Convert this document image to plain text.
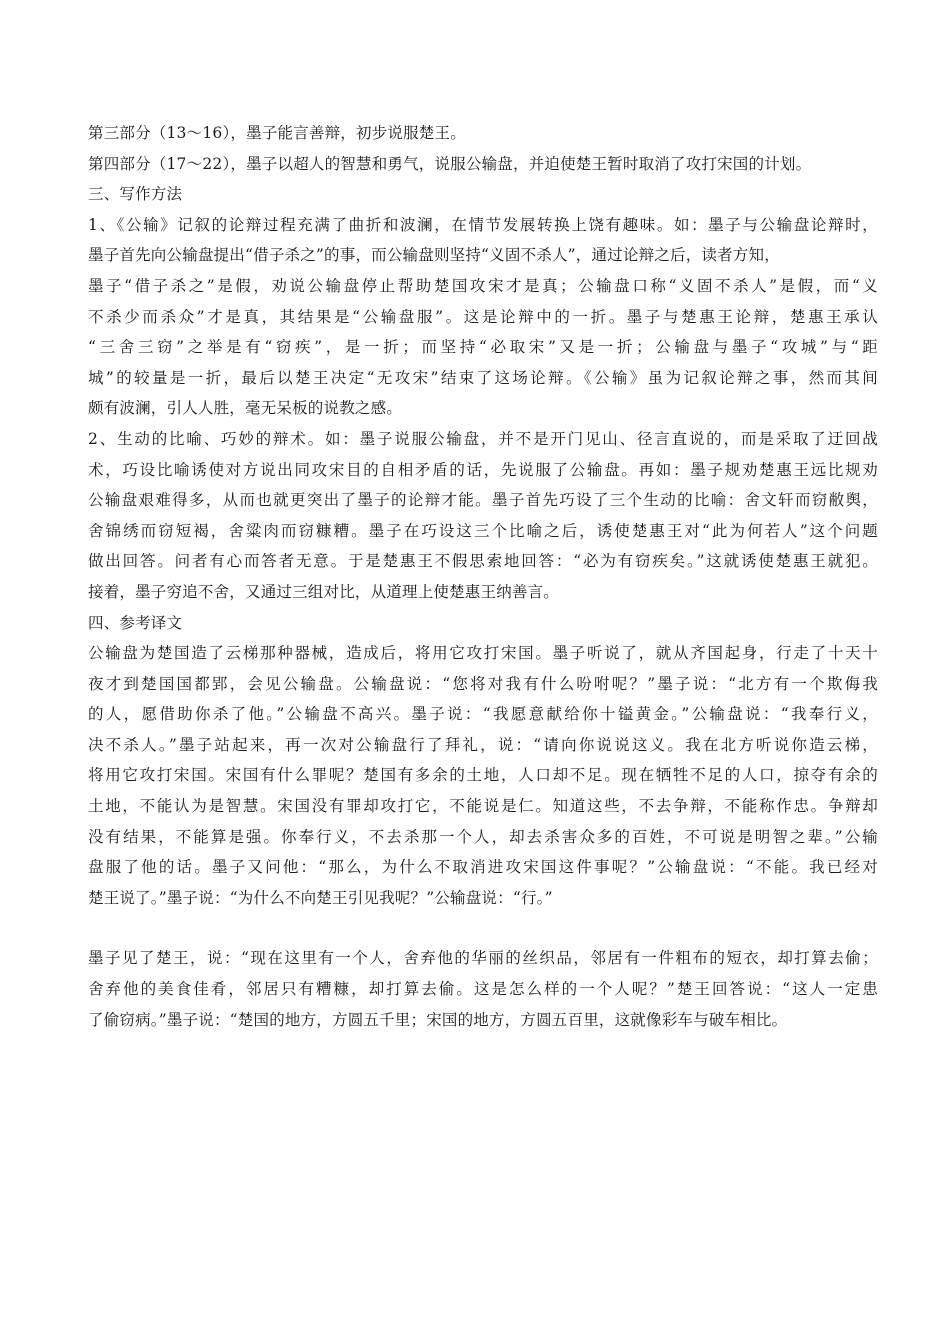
第三部分（13～16），墨子能言善辩，初步说服楚王。
第四部分（17～22），墨子以超人的智慧和勇气，说服公输盘，并迫使楚王暂时取消了攻打宋国的计划。
三、写作方法
1、《公输》记叙的论辩过程充满了曲折和波澜，在情节发展转换上饶有趣味。如：墨子与公输盘论辩时，
墨子首先向公输盘提出“借子杀之”的事，而公输盘则坚持“义固不杀人”，通过论辩之后，读者方知，
墨子“借子杀之”是假，劝说公输盘停止帮助楚国攻宋才是真；公输盘口称“义固不杀人”是假，而“义
不杀少而杀众”才是真，其结果是“公输盘服”。这是论辩中的一折。墨子与楚惠王论辩，楚惠王承认
“三舍三窃”之举是有“窃疾”，是一折；而坚持“必取宋”又是一折；公输盘与墨子“攻城”与“距
城”的较量是一折，最后以楚王决定“无攻宋”结束了这场论辩。《公输》虽为记叙论辩之事，然而其间
颇有波澜，引人人胜，毫无呆板的说教之感。
2、生动的比喻、巧妙的辩术。如：墨子说服公输盘，并不是开门见山、径言直说的，而是采取了迂回战
术，巧设比喻诱使对方说出同攻宋目的自相矛盾的话，先说服了公输盘。再如：墨子规劝楚惠王远比规劝
公输盘艰难得多，从而也就更突出了墨子的论辩才能。墨子首先巧设了三个生动的比喻：舍文轩而窃敝舆，
舍锦绣而窃短褐，舍粱肉而窃糠糟。墨子在巧设这三个比喻之后，诱使楚惠王对“此为何若人”这个问题
做出回答。问者有心而答者无意。于是楚惠王不假思索地回答：“必为有窃疾矣。”这就诱使楚惠王就犯。
接着，墨子穷追不舍，又通过三组对比，从道理上使楚惠王纳善言。
四、参考译文
公输盘为楚国造了云梯那种器械，造成后，将用它攻打宋国。墨子听说了，就从齐国起身，行走了十天十
夜才到楚国国都郢，会见公输盘。公输盘说：“您将对我有什么吩咐呢？”墨子说：“北方有一个欺侮我
的人，愿借助你杀了他。”公输盘不高兴。墨子说：“我愿意献给你十镒黄金。”公输盘说：“我奉行义，
决不杀人。”墨子站起来，再一次对公输盘行了拜礼，说：“请向你说说这义。我在北方听说你造云梯，
将用它攻打宋国。宋国有什么罪呢？楚国有多余的土地，人口却不足。现在牺牲不足的人口，掠夺有余的
土地，不能认为是智慧。宋国没有罪却攻打它，不能说是仁。知道这些，不去争辩，不能称作忠。争辩却
没有结果，不能算是强。你奉行义，不去杀那一个人，却去杀害众多的百姓，不可说是明智之辈。”公输
盘服了他的话。墨子又问他：“那么，为什么不取消进攻宋国这件事呢？”公输盘说：“不能。我已经对
楚王说了。”墨子说：“为什么不向楚王引见我呢？”公输盘说：“行。”
墨子见了楚王，说：“现在这里有一个人，舍弃他的华丽的丝织品，邻居有一件粗布的短衣，却打算去偷；
舍弃他的美食佳肴，邻居只有糟糠，却打算去偷。这是怎么样的一个人呢？”楚王回答说：“这人一定患
了偷窃病。”墨子说：“楚国的地方，方圆五千里；宋国的地方，方圆五百里，这就像彩车与破车相比。
